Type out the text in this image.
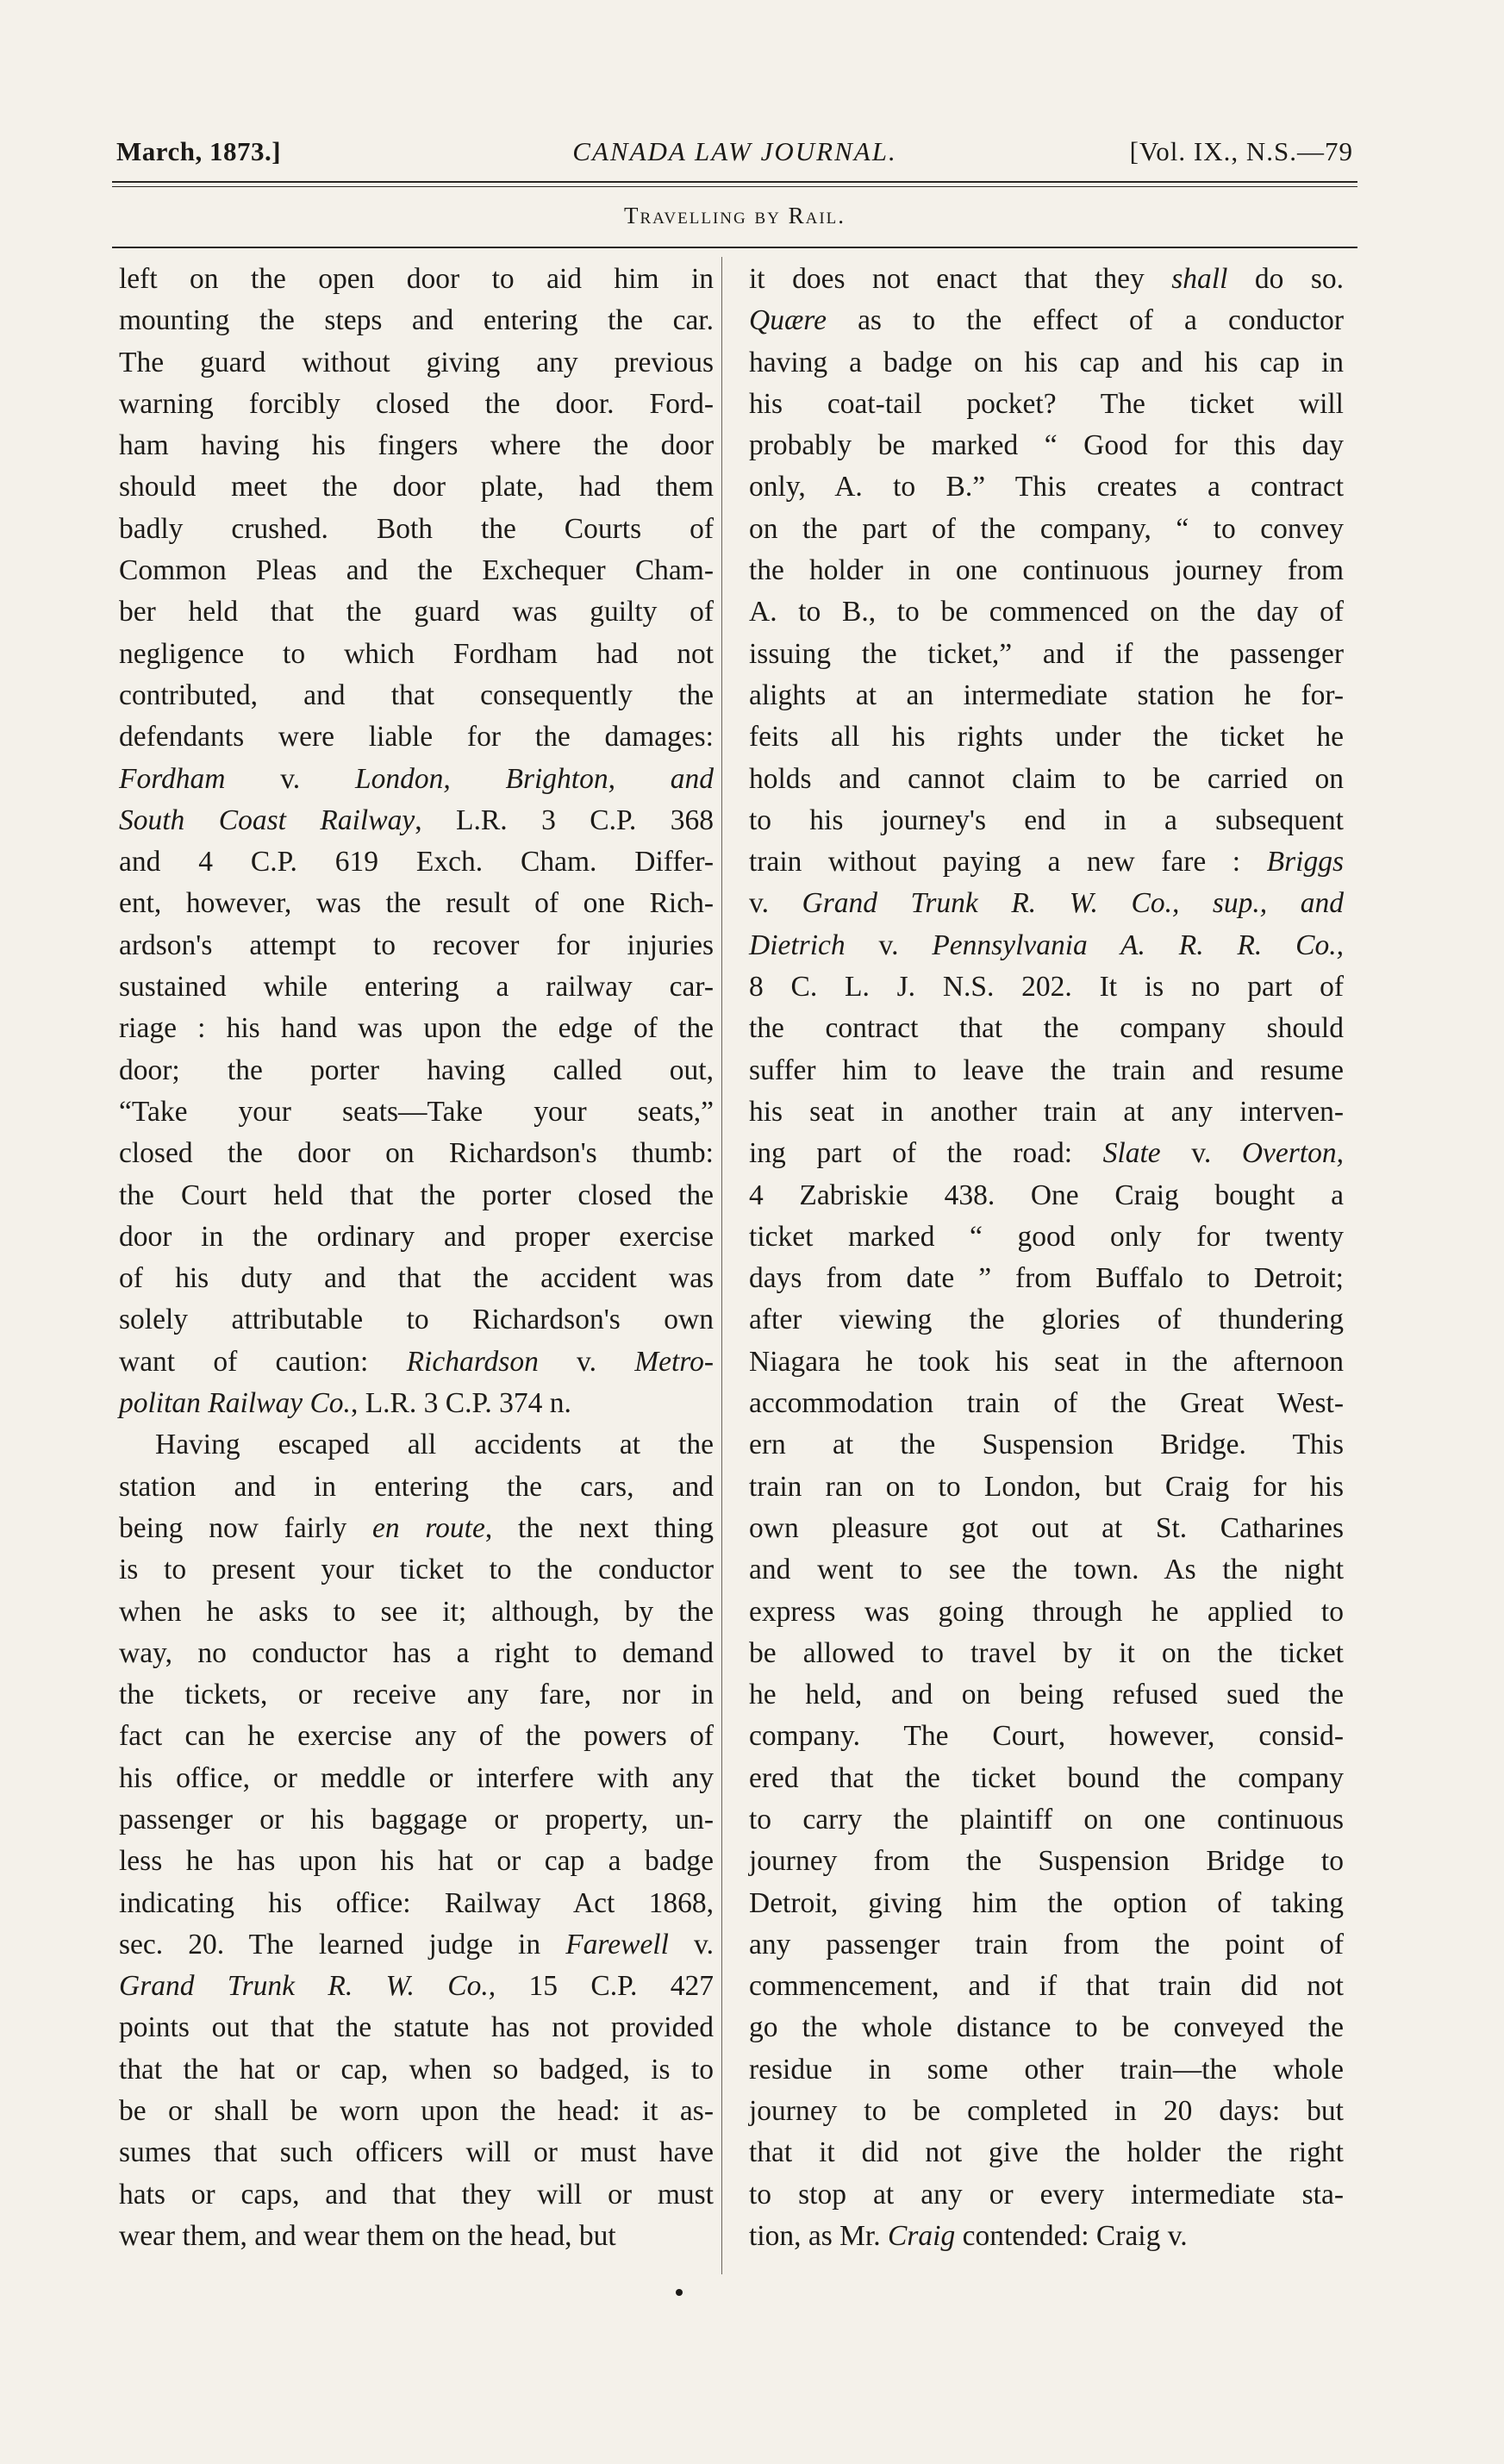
March, 1873.]	CANADA LAW JOURNAL.	[Vol. IX., N.S.—79
Travelling by Rail.
left on the open door to aid him in
mounting the steps and entering the car.
The guard without giving any previous
warning forcibly closed the door. Ford-
ham having his fingers where the door
should meet the door plate, had them
badly crushed. Both the Courts of
Common Pleas and the Exchequer Cham-
ber held that the guard was guilty of
negligence to which Fordham had not
contributed, and that consequently the
defendants were liable for the damages:
Fordham v. London, Brighton, and
South Coast Railway, L.R. 3 C.P. 368
and 4 C.P. 619 Exch. Cham. Differ-
ent, however, was the result of one Rich-
ardson's attempt to recover for injuries
sustained while entering a railway car-
riage : his hand was upon the edge of the
door; the porter having called out,
“Take your seats—Take your seats,”
closed the door on Richardson's thumb:
the Court held that the porter closed the
door in the ordinary and proper exercise
of his duty and that the accident was
solely attributable to Richardson's own
want of caution: Richardson v. Metro-
politan Railway Co., L.R. 3 C.P. 374 n.
Having escaped all accidents at the
station and in entering the cars, and
being now fairly en route, the next thing
is to present your ticket to the conductor
when he asks to see it; although, by the
way, no conductor has a right to demand
the tickets, or receive any fare, nor in
fact can he exercise any of the powers of
his office, or meddle or interfere with any
passenger or his baggage or property, un-
less he has upon his hat or cap a badge
indicating his office: Railway Act 1868,
sec. 20. The learned judge in Farewell v.
Grand Trunk R. W. Co., 15 C.P. 427
points out that the statute has not provided
that the hat or cap, when so badged, is to
be or shall be worn upon the head: it as-
sumes that such officers will or must have
hats or caps, and that they will or must
wear them, and wear them on the head, but
it does not enact that they shall do so.
Quære as to the effect of a conductor
having a badge on his cap and his cap in
his coat-tail pocket? The ticket will
probably be marked “ Good for this day
only, A. to B.” This creates a contract
on the part of the company, “ to convey
the holder in one continuous journey from
A. to B., to be commenced on the day of
issuing the ticket,” and if the passenger
alights at an intermediate station he for-
feits all his rights under the ticket he
holds and cannot claim to be carried on
to his journey's end in a subsequent
train without paying a new fare : Briggs
v. Grand Trunk R. W. Co., sup., and
Dietrich v. Pennsylvania A. R. R. Co.,
8 C. L. J. N.S. 202. It is no part of
the contract that the company should
suffer him to leave the train and resume
his seat in another train at any interven-
ing part of the road: Slate v. Overton,
4 Zabriskie 438. One Craig bought a
ticket marked “ good only for twenty
days from date ” from Buffalo to Detroit;
after viewing the glories of thundering
Niagara he took his seat in the afternoon
accommodation train of the Great West-
ern at the Suspension Bridge. This
train ran on to London, but Craig for his
own pleasure got out at St. Catharines
and went to see the town. As the night
express was going through he applied to
be allowed to travel by it on the ticket
he held, and on being refused sued the
company. The Court, however, consid-
ered that the ticket bound the company
to carry the plaintiff on one continuous
journey from the Suspension Bridge to
Detroit, giving him the option of taking
any passenger train from the point of
commencement, and if that train did not
go the whole distance to be conveyed the
residue in some other train—the whole
journey to be completed in 20 days: but
that it did not give the holder the right
to stop at any or every intermediate sta-
tion, as Mr. Craig contended: Craig v.
